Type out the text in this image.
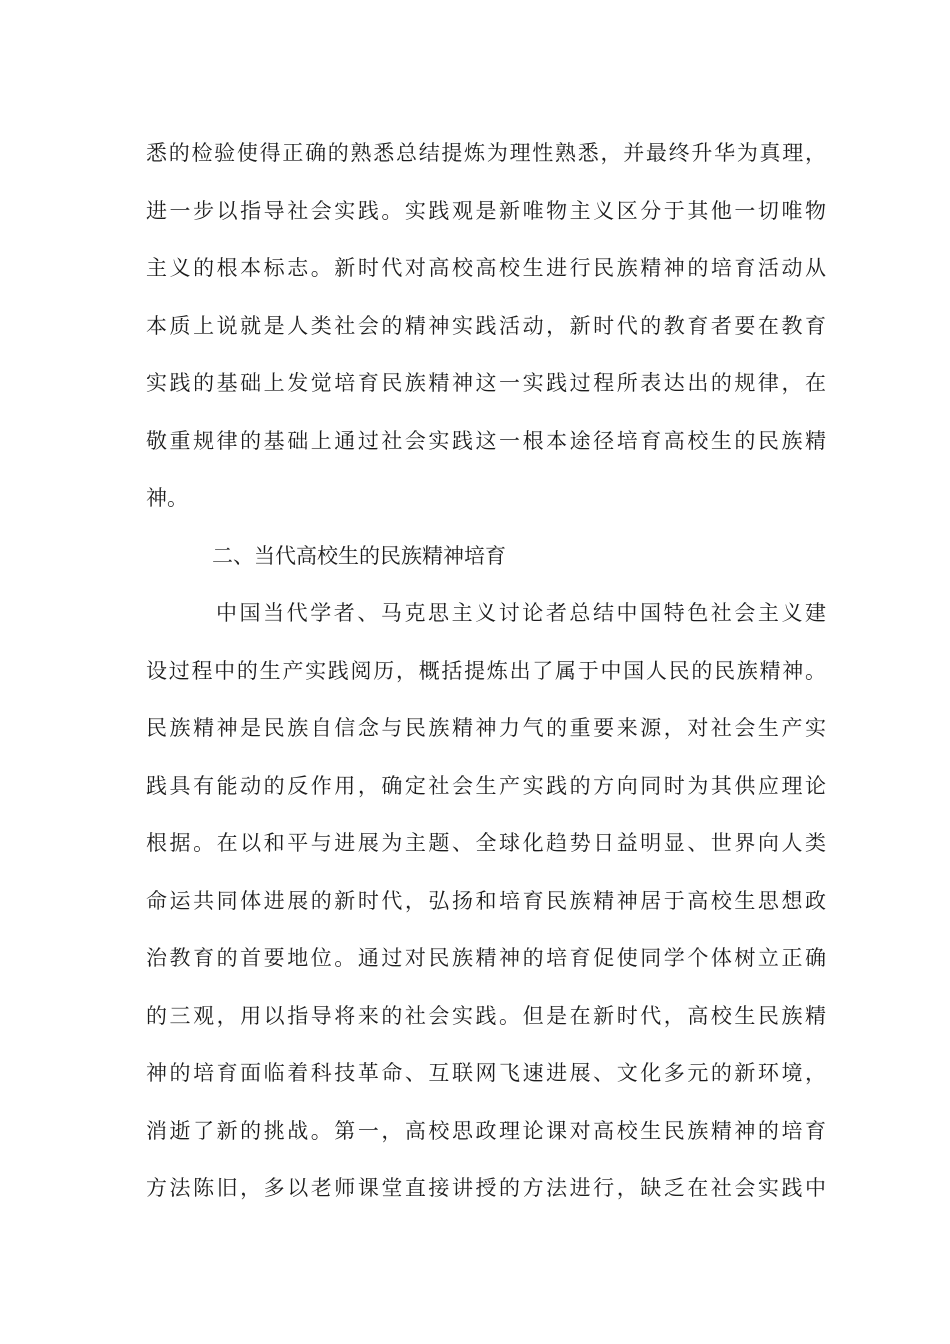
悉的检验使得正确的熟悉总结提炼为理性熟悉，并最终升华为真理，
进一步以指导社会实践。实践观是新唯物主义区分于其他一切唯物
主义的根本标志。新时代对高校高校生进行民族精神的培育活动从
本质上说就是人类社会的精神实践活动，新时代的教育者要在教育
实践的基础上发觉培育民族精神这一实践过程所表达出的规律，在
敬重规律的基础上通过社会实践这一根本途径培育高校生的民族精
神。
二、当代高校生的民族精神培育
中国当代学者、马克思主义讨论者总结中国特色社会主义建
设过程中的生产实践阅历，概括提炼出了属于中国人民的民族精神。
民族精神是民族自信念与民族精神力气的重要来源，对社会生产实
践具有能动的反作用，确定社会生产实践的方向同时为其供应理论
根据。在以和平与进展为主题、全球化趋势日益明显、世界向人类
命运共同体进展的新时代，弘扬和培育民族精神居于高校生思想政
治教育的首要地位。通过对民族精神的培育促使同学个体树立正确
的三观，用以指导将来的社会实践。但是在新时代，高校生民族精
神的培育面临着科技革命、互联网飞速进展、文化多元的新环境，
消逝了新的挑战。第一，高校思政理论课对高校生民族精神的培育
方法陈旧，多以老师课堂直接讲授的方法进行，缺乏在社会实践中
